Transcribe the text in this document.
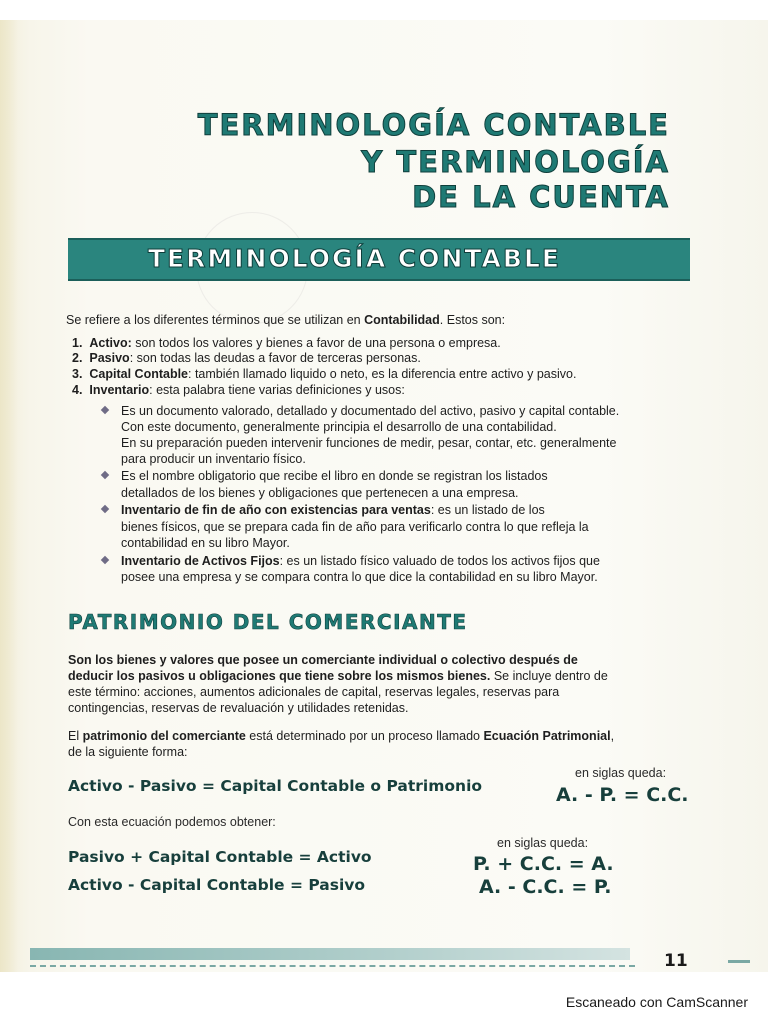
TERMINOLOGÍA CONTABLE
Y TERMINOLOGÍA
DE LA CUENTA
TERMINOLOGÍA CONTABLE
Se refiere a los diferentes términos que se utilizan en Contabilidad. Estos son:
1. Activo: son todos los valores y bienes a favor de una persona o empresa.
2. Pasivo: son todas las deudas a favor de terceras personas.
3. Capital Contable: también llamado liquido o neto, es la diferencia entre activo y pasivo.
4. Inventario: esta palabra tiene varias definiciones y usos:
Es un documento valorado, detallado y documentado del activo, pasivo y capital contable.
Con este documento, generalmente principia el desarrollo de una contabilidad.
En su preparación pueden intervenir funciones de medir, pesar, contar, etc. generalmente
para producir un inventario físico.
Es el nombre obligatorio que recibe el libro en donde se registran los listados
detallados de los bienes y obligaciones que pertenecen a una empresa.
Inventario de fin de año con existencias para ventas: es un listado de los
bienes físicos, que se prepara cada fin de año para verificarlo contra lo que refleja la
contabilidad en su libro Mayor.
Inventario de Activos Fijos: es un listado físico valuado de todos los activos fijos que
posee una empresa y se compara contra lo que dice la contabilidad en su libro Mayor.
PATRIMONIO DEL COMERCIANTE
Son los bienes y valores que posee un comerciante individual o colectivo después de
deducir los pasivos u obligaciones que tiene sobre los mismos bienes. Se incluye dentro de
este término: acciones, aumentos adicionales de capital, reservas legales, reservas para
contingencias, reservas de revaluación y utilidades retenidas.
El patrimonio del comerciante está determinado por un proceso llamado Ecuación Patrimonial,
de la siguiente forma:
Activo - Pasivo = Capital Contable o Patrimonio
en siglas queda:
A. - P. = C.C.
Con esta ecuación podemos obtener:
en siglas queda:
Pasivo + Capital Contable = Activo	P. + C.C. = A.
Activo - Capital Contable = Pasivo	A. - C.C. = P.
11
Escaneado con CamScanner
